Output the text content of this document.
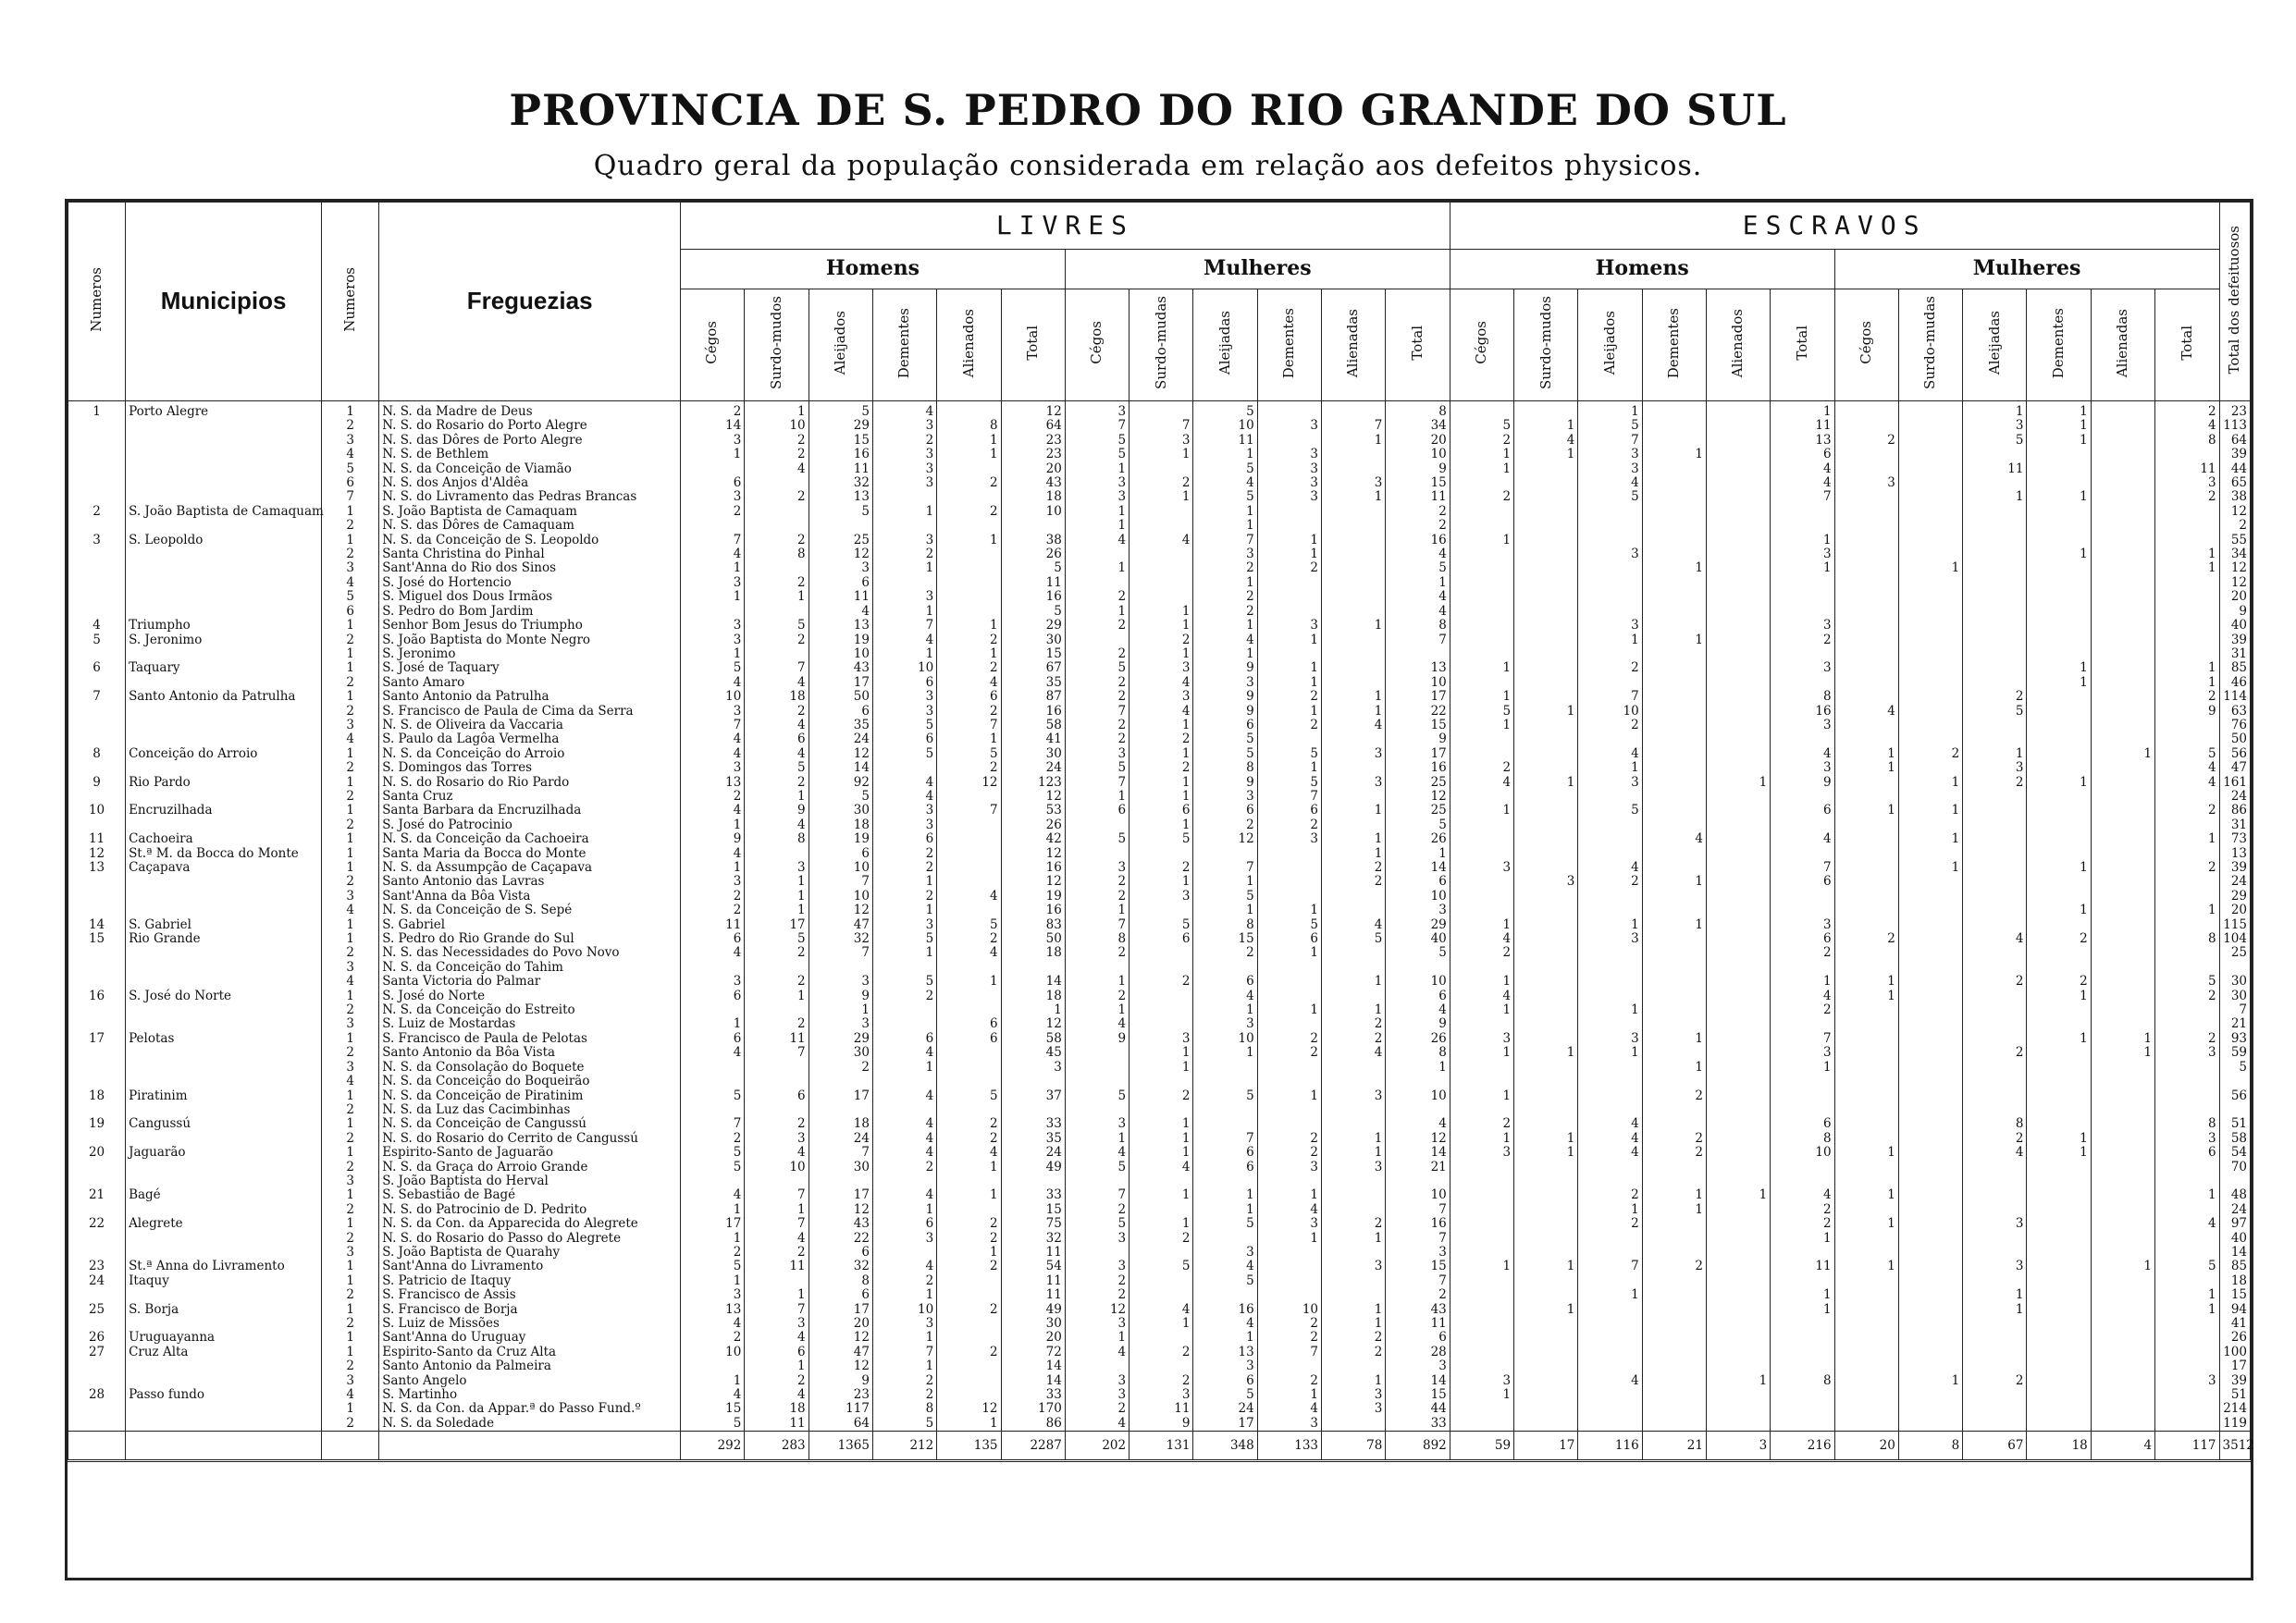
PROVINCIA DE S. PEDRO DO RIO GRANDE DO SUL
Quadro geral da população considerada em relação aos defeitos physicos.
Numeros	Municipios	Numeros	Freguezias	LIVRES												ESCRAVOS												Total dos defeituosos
				Homens						Mulheres						Homens						Mulheres						
				Cégos	Surdo-mudos	Aleijados	Dementes	Alienados	Total	Cégos	Surdo-mudas	Aleijadas	Dementes	Alienadas	Total	Cégos	Surdo-mudos	Aleijados	Dementes	Alienados	Total	Cégos	Surdo-mudas	Aleijadas	Dementes	Alienadas	Total	
1	Porto Alegre	1	N. S. da Madre de Deus	2	1	5	4		12	3		5			8			1			1			1	1		2	23
		2	N. S. do Rosario do Porto Alegre	14	10	29	3	8	64	7	7	10	3	7	34	5	1	5			11			3	1		4	113
		3	N. S. das Dôres de Porto Alegre	3	2	15	2	1	23	5	3	11		1	20	2	4	7			13	2		5	1		8	64
		4	N. S. de Bethlem	1	2	16	3	1	23	5	1	1	3		10	1	1	3	1		6							39
		5	N. S. da Conceição de Viamão		4	11	3		20	1		5	3		9	1		3			4			11			11	44
		6	N. S. dos Anjos d'Aldêa	6		32	3	2	43	3	2	4	3	3	15			4			4	3					3	65
		7	N. S. do Livramento das Pedras Brancas	3	2	13			18	3	1	5	3	1	11	2		5			7			1	1		2	38
2	S. João Baptista de Camaquam	1	S. João Baptista de Camaquam	2		5	1	2	10	1		1			2													12
		2	N. S. das Dôres de Camaquam							1		1			2													2
3	S. Leopoldo	1	N. S. da Conceição de S. Leopoldo	7	2	25	3	1	38	4	4	7	1		16	1					1							55
		2	Santa Christina do Pinhal	4	8	12	2		26			3	1		4			3			3				1		1	34
		3	Sant'Anna do Rio dos Sinos	1		3	1		5	1		2	2		5				1		1		1				1	12
		4	S. José do Hortencio	3	2	6			11			1			1													12
		5	S. Miguel dos Dous Irmãos	1	1	11	3		16	2		2			4													20
		6	S. Pedro do Bom Jardim			4	1		5	1	1	2			4													9
4	Triumpho	1	Senhor Bom Jesus do Triumpho	3	5	13	7	1	29	2	1	1	3	1	8			3			3							40
5	S. Jeronimo	2	S. João Baptista do Monte Negro	3	2	19	4	2	30		2	4	1		7			1	1		2							39
		1	S. Jeronimo	1		10	1	1	15	2	1	1																31
6	Taquary	1	S. José de Taquary	5	7	43	10	2	67	5	3	9	1		13	1		2			3				1		1	85
		2	Santo Amaro	4	4	17	6	4	35	2	4	3	1		10										1		1	46
7	Santo Antonio da Patrulha	1	Santo Antonio da Patrulha	10	18	50	3	6	87	2	3	9	2	1	17	1		7			8			2			2	114
		2	S. Francisco de Paula de Cima da Serra	3	2	6	3	2	16	7	4	9	1	1	22	5	1	10			16	4		5			9	63
		3	N. S. de Oliveira da Vaccaria	7	4	35	5	7	58	2	1	6	2	4	15	1		2			3							76
		4	S. Paulo da Lagôa Vermelha	4	6	24	6	1	41	2	2	5			9													50
8	Conceição do Arroio	1	N. S. da Conceição do Arroio	4	4	12	5	5	30	3	1	5	5	3	17			4			4	1	2	1		1	5	56
		2	S. Domingos das Torres	3	5	14		2	24	5	2	8	1		16	2		1			3	1		3			4	47
9	Rio Pardo	1	N. S. do Rosario do Rio Pardo	13	2	92	4	12	123	7	1	9	5	3	25	4	1	3		1	9		1	2	1		4	161
		2	Santa Cruz	2	1	5	4		12	1	1	3	7		12													24
10	Encruzilhada	1	Santa Barbara da Encruzilhada	4	9	30	3	7	53	6	6	6	6	1	25	1		5			6	1	1				2	86
		2	S. José do Patrocinio	1	4	18	3		26		1	2	2		5													31
11	Cachoeira	1	N. S. da Conceição da Cachoeira	9	8	19	6		42	5	5	12	3	1	26				4		4		1				1	73
12	St.ª M. da Bocca do Monte	1	Santa Maria da Bocca do Monte	4		6	2		12					1	1													13
13	Caçapava	1	N. S. da Assumpção de Caçapava	1	3	10	2		16	3	2	7		2	14	3		4			7		1		1		2	39
		2	Santo Antonio das Lavras	3	1	7	1		12	2	1	1		2	6		3	2	1		6							24
		3	Sant'Anna da Bôa Vista	2	1	10	2	4	19	2	3	5			10													29
		4	N. S. da Conceição de S. Sepé	2	1	12	1		16	1		1	1		3										1		1	20
14	S. Gabriel	1	S. Gabriel	11	17	47	3	5	83	7	5	8	5	4	29	1		1	1		3							115
15	Rio Grande	1	S. Pedro do Rio Grande do Sul	6	5	32	5	2	50	8	6	15	6	5	40	4		3			6	2		4	2		8	104
		2	N. S. das Necessidades do Povo Novo	4	2	7	1	4	18	2		2	1		5	2					2							25
		3	N. S. da Conceição do Tahim																									
		4	Santa Victoria do Palmar	3	2	3	5	1	14	1	2	6		1	10	1					1	1		2	2		5	30
16	S. José do Norte	1	S. José do Norte	6	1	9	2		18	2		4			6	4					4	1			1		2	30
		2	N. S. da Conceição do Estreito			1			1	1		1	1	1	4	1		1			2							7
		3	S. Luiz de Mostardas	1	2	3		6	12	4		3		2	9													21
17	Pelotas	1	S. Francisco de Paula de Pelotas	6	11	29	6	6	58	9	3	10	2	2	26	3		3	1		7				1	1	2	93
		2	Santo Antonio da Bôa Vista	4	7	30	4		45		1	1	2	4	8	1	1	1			3			2		1	3	59
		3	N. S. da Consolação do Boquete			2	1		3		1				1				1		1							5
		4	N. S. da Conceição do Boqueirão																									
18	Piratinim	1	N. S. da Conceição de Piratinim	5	6	17	4	5	37	5	2	5	1	3	10	1			2									56
		2	N. S. da Luz das Cacimbinhas																									
19	Cangussú	1	N. S. da Conceição de Cangussú	7	2	18	4	2	33	3	1				4	2		4			6			8			8	51
		2	N. S. do Rosario do Cerrito de Cangussú	2	3	24	4	2	35	1	1	7	2	1	12	1	1	4	2		8			2	1		3	58
20	Jaguarão	1	Espirito-Santo de Jaguarão	5	4	7	4	4	24	4	1	6	2	1	14	3	1	4	2		10	1		4	1		6	54
		2	N. S. da Graça do Arroio Grande	5	10	30	2	1	49	5	4	6	3	3	21													70
		3	S. João Baptista do Herval																									
21	Bagé	1	S. Sebastião de Bagé	4	7	17	4	1	33	7	1	1	1		10			2	1	1	4	1					1	48
		2	N. S. do Patrocinio de D. Pedrito	1	1	12	1		15	2		1	4		7			1	1		2							24
22	Alegrete	1	N. S. da Con. da Apparecida do Alegrete	17	7	43	6	2	75	5	1	5	3	2	16			2			2	1		3			4	97
		2	N. S. do Rosario do Passo do Alegrete	1	4	22	3	2	32	3	2		1	1	7						1							40
		3	S. João Baptista de Quarahy	2	2	6		1	11			3			3													14
23	St.ª Anna do Livramento	1	Sant'Anna do Livramento	5	11	32	4	2	54	3	5	4		3	15	1	1	7	2		11	1		3		1	5	85
24	Itaquy	1	S. Patricio de Itaquy	1		8	2		11	2		5			7													18
		2	S. Francisco de Assis	3	1	6	1		11	2					2			1			1			1			1	15
25	S. Borja	1	S. Francisco de Borja	13	7	17	10	2	49	12	4	16	10	1	43		1				1			1			1	94
		2	S. Luiz de Missões	4	3	20	3		30	3	1	4	2	1	11													41
26	Uruguayanna	1	Sant'Anna do Uruguay	2	4	12	1		20	1		1	2	2	6													26
27	Cruz Alta	1	Espirito-Santo da Cruz Alta	10	6	47	7	2	72	4	2	13	7	2	28													100
		2	Santo Antonio da Palmeira		1	12	1		14			3			3													17
		3	Santo Angelo	1	2	9	2		14	3	2	6	2	1	14	3		4		1	8		1	2			3	39
28	Passo fundo	4	S. Martinho	4	4	23	2		33	3	3	5	1	3	15	1												51
		1	N. S. da Con. da Appar.ª do Passo Fund.º	15	18	117	8	12	170	2	11	24	4	3	44													214
		2	N. S. da Soledade	5	11	64	5	1	86	4	9	17	3		33													119
				292	283	1365	212	135	2287	202	131	348	133	78	892	59	17	116	21	3	216	20	8	67	18	4	117	3512
